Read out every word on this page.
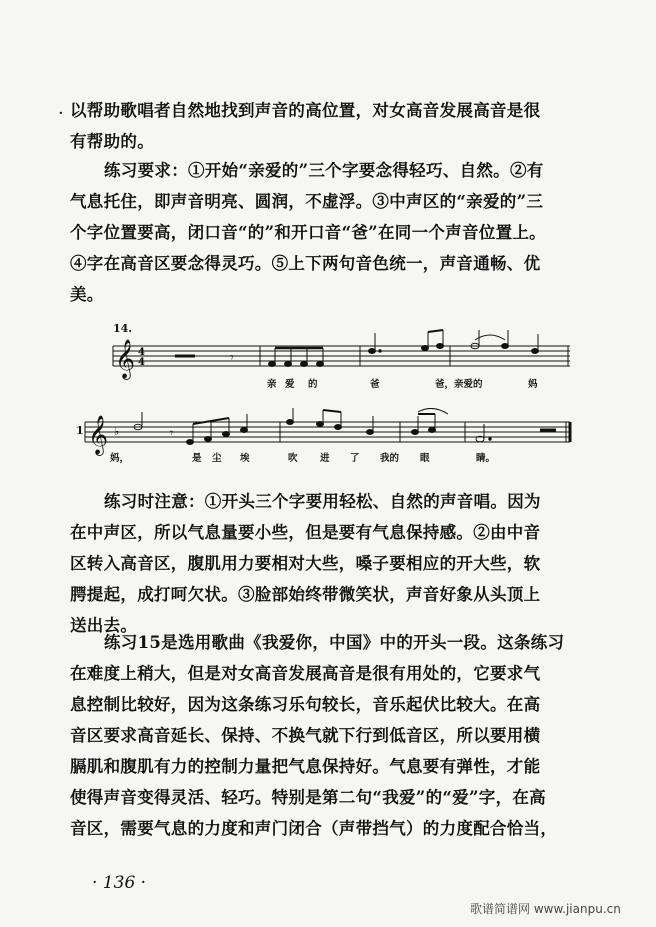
· 以帮助歌唱者自然地找到声音的高位置，对女高音发展高音是很
有帮助的。
练习要求：①开始“亲爱的”三个字要念得轻巧、自然。②有
气息托住，即声音明亮、圆润，不虚浮。③中声区的“亲爱的”三
个字位置要高，闭口音“的”和开口音“爸”在同一个声音位置上。
④字在高音区要念得灵巧。⑤上下两句音色统一，声音通畅、优
美。
14.
𝄞 4
4	𝄾
亲 爱 的	爸	爸，亲爱的	妈
1 𝄞 ♭	𝄾
妈，	是 尘 埃	吹 进 了 我的 眼	睛。
练习时注意：①开头三个字要用轻松、自然的声音唱。因为
在中声区，所以气息量要小些，但是要有气息保持感。②由中音
区转入高音区，腹肌用力要相对大些，嗓子要相应的开大些，软
腭提起，成打呵欠状。③脸部始终带微笑状，声音好象从头顶上
送出去。
练习15是选用歌曲《我爱你，中国》中的开头一段。这条练习
在难度上稍大，但是对女高音发展高音是很有用处的，它要求气
息控制比较好，因为这条练习乐句较长，音乐起伏比较大。在高
音区要求高音延长、保持、不换气就下行到低音区，所以要用横
膈肌和腹肌有力的控制力量把气息保持好。气息要有弹性，才能
使得声音变得灵活、轻巧。特别是第二句“我爱”的“爱”字，在高
音区，需要气息的力度和声门闭合（声带挡气）的力度配合恰当，
· 136 ·
歌谱简谱网 www.jianpu.cn
